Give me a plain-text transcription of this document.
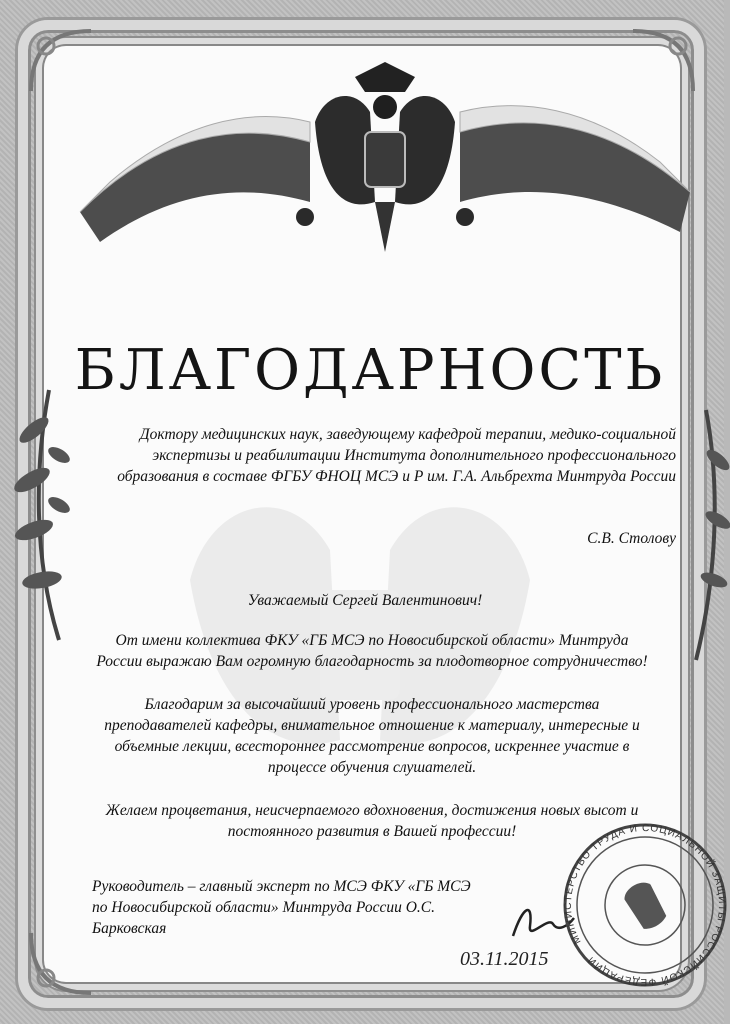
БЛАГОДАРНОСТЬ
Доктору медицинских наук, заведующему кафедрой терапии, медико-социальной экспертизы и реабилитации Института дополнительного профессионального образования в составе ФГБУ ФНОЦ МСЭ и Р им. Г.А. Альбрехта Минтруда России
С.В. Столову
Уважаемый Сергей Валентинович!
От имени коллектива ФКУ «ГБ МСЭ по Новосибирской области» Минтруда России выражаю Вам огромную благодарность за плодотворное сотрудничество!
Благодарим за высочайший уровень профессионального мастерства преподавателей кафедры, внимательное отношение к материалу, интересные и объемные лекции, всестороннее рассмотрение вопросов, искреннее участие в процессе обучения слушателей.
Желаем процветания, неисчерпаемого вдохновения, достижения новых высот и постоянного развития в Вашей профессии!
Руководитель – главный эксперт по МСЭ ФКУ «ГБ МСЭ по Новосибирской области» Минтруда России О.С. Барковская
03.11.2015
МИНИСТЕРСТВО ТРУДА И СОЦИАЛЬНОЙ ЗАЩИТЫ РОССИЙСКОЙ ФЕДЕРАЦИИ
